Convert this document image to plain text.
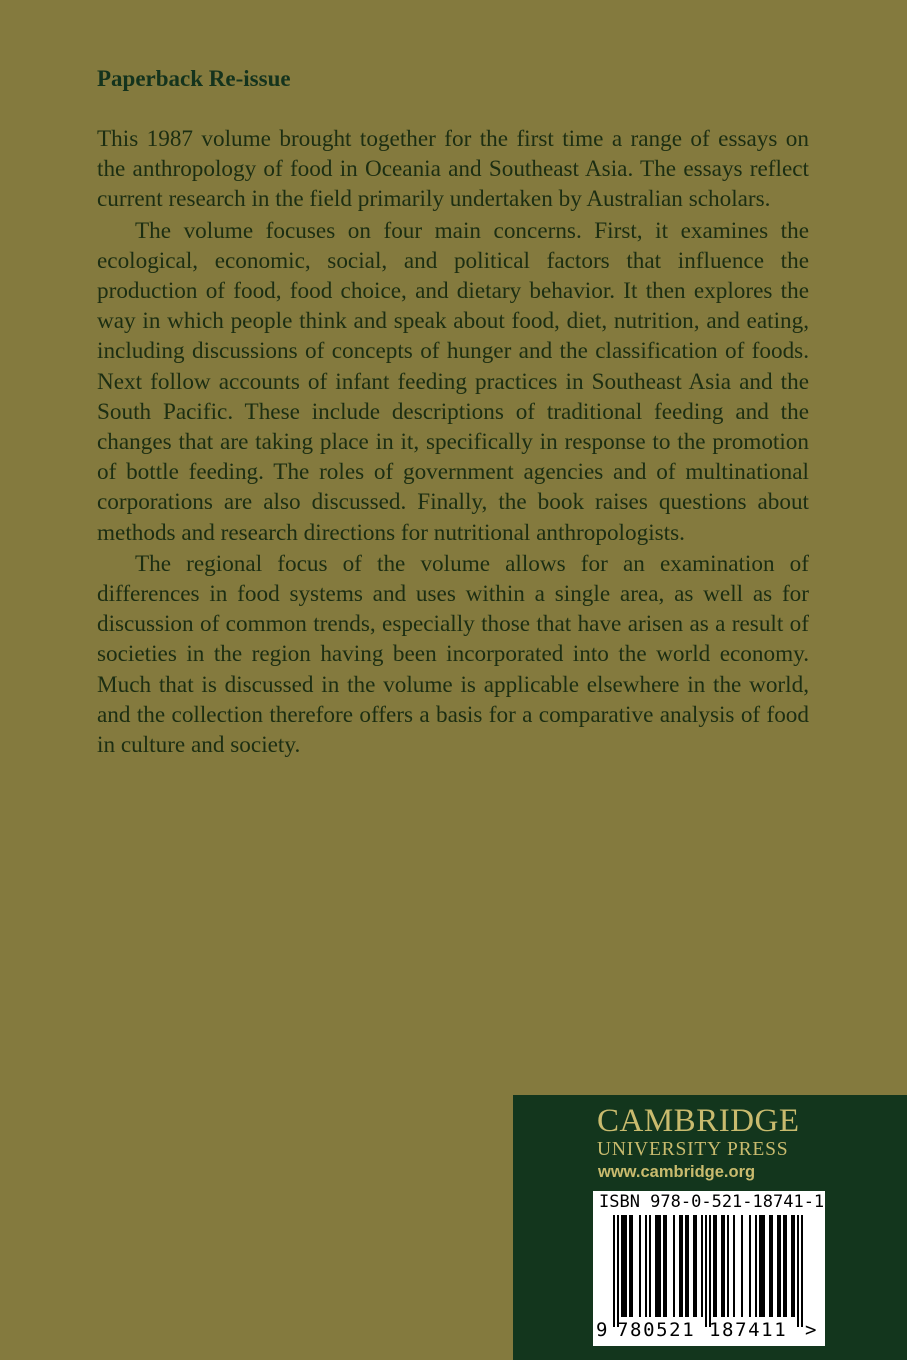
Paperback Re-issue

This 1987 volume brought together for the first time a range of essays on the anthropology of food in Oceania and Southeast Asia. The essays reflect current research in the field primarily undertaken by Australian scholars.

The volume focuses on four main concerns. First, it examines the ecological, economic, social, and political factors that influence the production of food, food choice, and dietary behavior. It then explores the way in which people think and speak about food, diet, nutrition, and eating, including discussions of concepts of hunger and the classification of foods. Next follow accounts of infant feeding practices in Southeast Asia and the South Pacific. These include descriptions of traditional feeding and the changes that are taking place in it, specifically in response to the promotion of bottle feeding. The roles of government agencies and of multinational corporations are also discussed. Finally, the book raises questions about methods and research directions for nutritional anthropologists.

The regional focus of the volume allows for an examination of differences in food systems and uses within a single area, as well as for discussion of common trends, especially those that have arisen as a result of societies in the region having been incorporated into the world economy. Much that is discussed in the volume is applicable elsewhere in the world, and the collection therefore offers a basis for a comparative analysis of food in culture and society.

CAMBRIDGE
UNIVERSITY PRESS
www.cambridge.org
ISBN 978-0-521-18741-1
9 780521 187411 >
